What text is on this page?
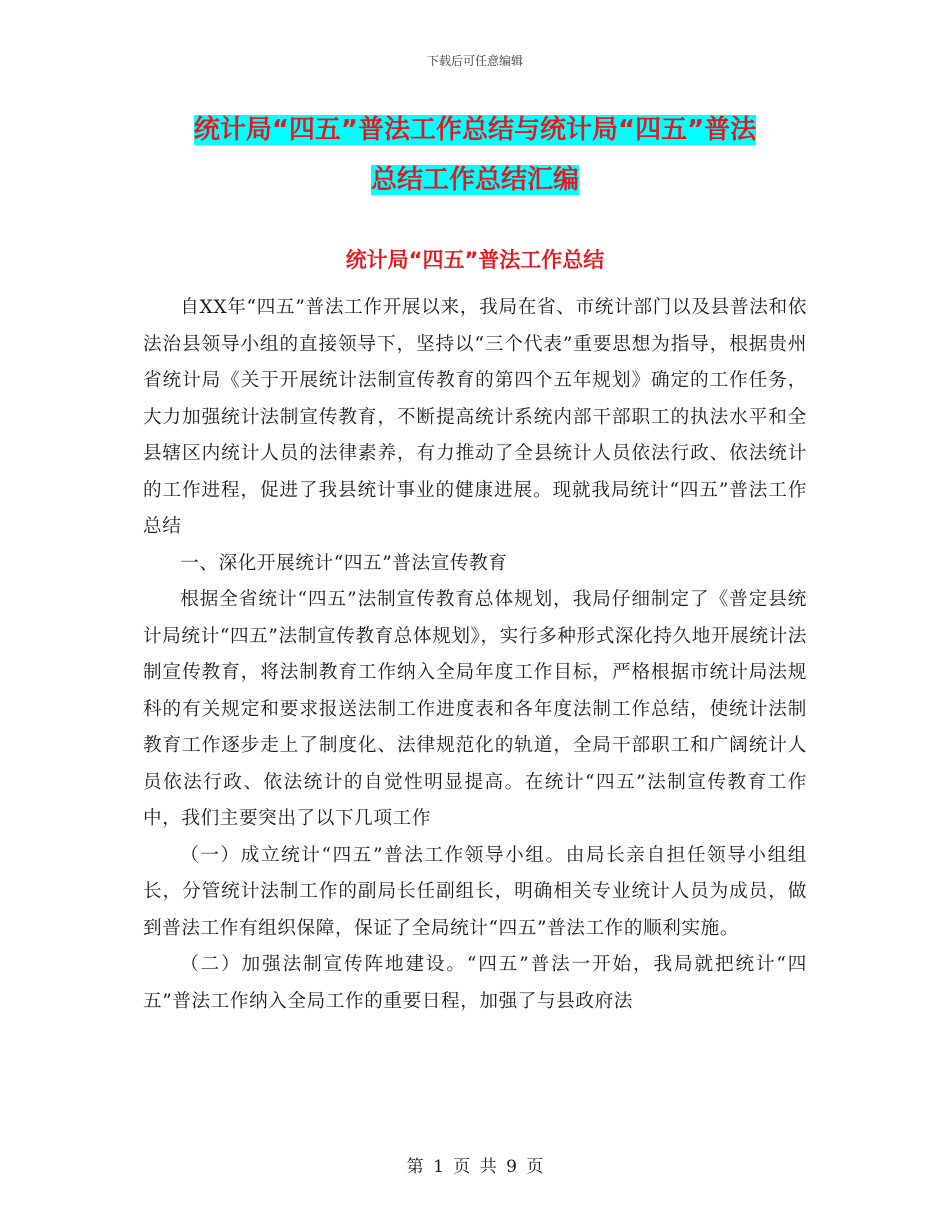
下载后可任意编辑
统计局“四五”普法工作总结与统计局“四五”普法
总结工作总结汇编
统计局“四五”普法工作总结

自XX年“四五”普法工作开展以来，我局在省、市统计部门以及县普法和依法治县领导小组的直接领导下，坚持以“三个代表”重要思想为指导，根据贵州省统计局《关于开展统计法制宣传教育的第四个五年规划》确定的工作任务，大力加强统计法制宣传教育，不断提高统计系统内部干部职工的执法水平和全县辖区内统计人员的法律素养，有力推动了全县统计人员依法行政、依法统计的工作进程，促进了我县统计事业的健康进展。现就我局统计“四五”普法工作总结

一、深化开展统计“四五”普法宣传教育

根据全省统计“四五”法制宣传教育总体规划，我局仔细制定了《普定县统计局统计“四五”法制宣传教育总体规划》，实行多种形式深化持久地开展统计法制宣传教育，将法制教育工作纳入全局年度工作目标，严格根据市统计局法规科的有关规定和要求报送法制工作进度表和各年度法制工作总结，使统计法制教育工作逐步走上了制度化、法律规范化的轨道，全局干部职工和广阔统计人员依法行政、依法统计的自觉性明显提高。在统计“四五”法制宣传教育工作中，我们主要突出了以下几项工作

（一）成立统计“四五”普法工作领导小组。由局长亲自担任领导小组组长，分管统计法制工作的副局长任副组长，明确相关专业统计人员为成员，做到普法工作有组织保障，保证了全局统计“四五”普法工作的顺利实施。

（二）加强法制宣传阵地建设。“四五”普法一开始，我局就把统计“四五”普法工作纳入全局工作的重要日程，加强了与县政府法

第 1 页 共 9 页
